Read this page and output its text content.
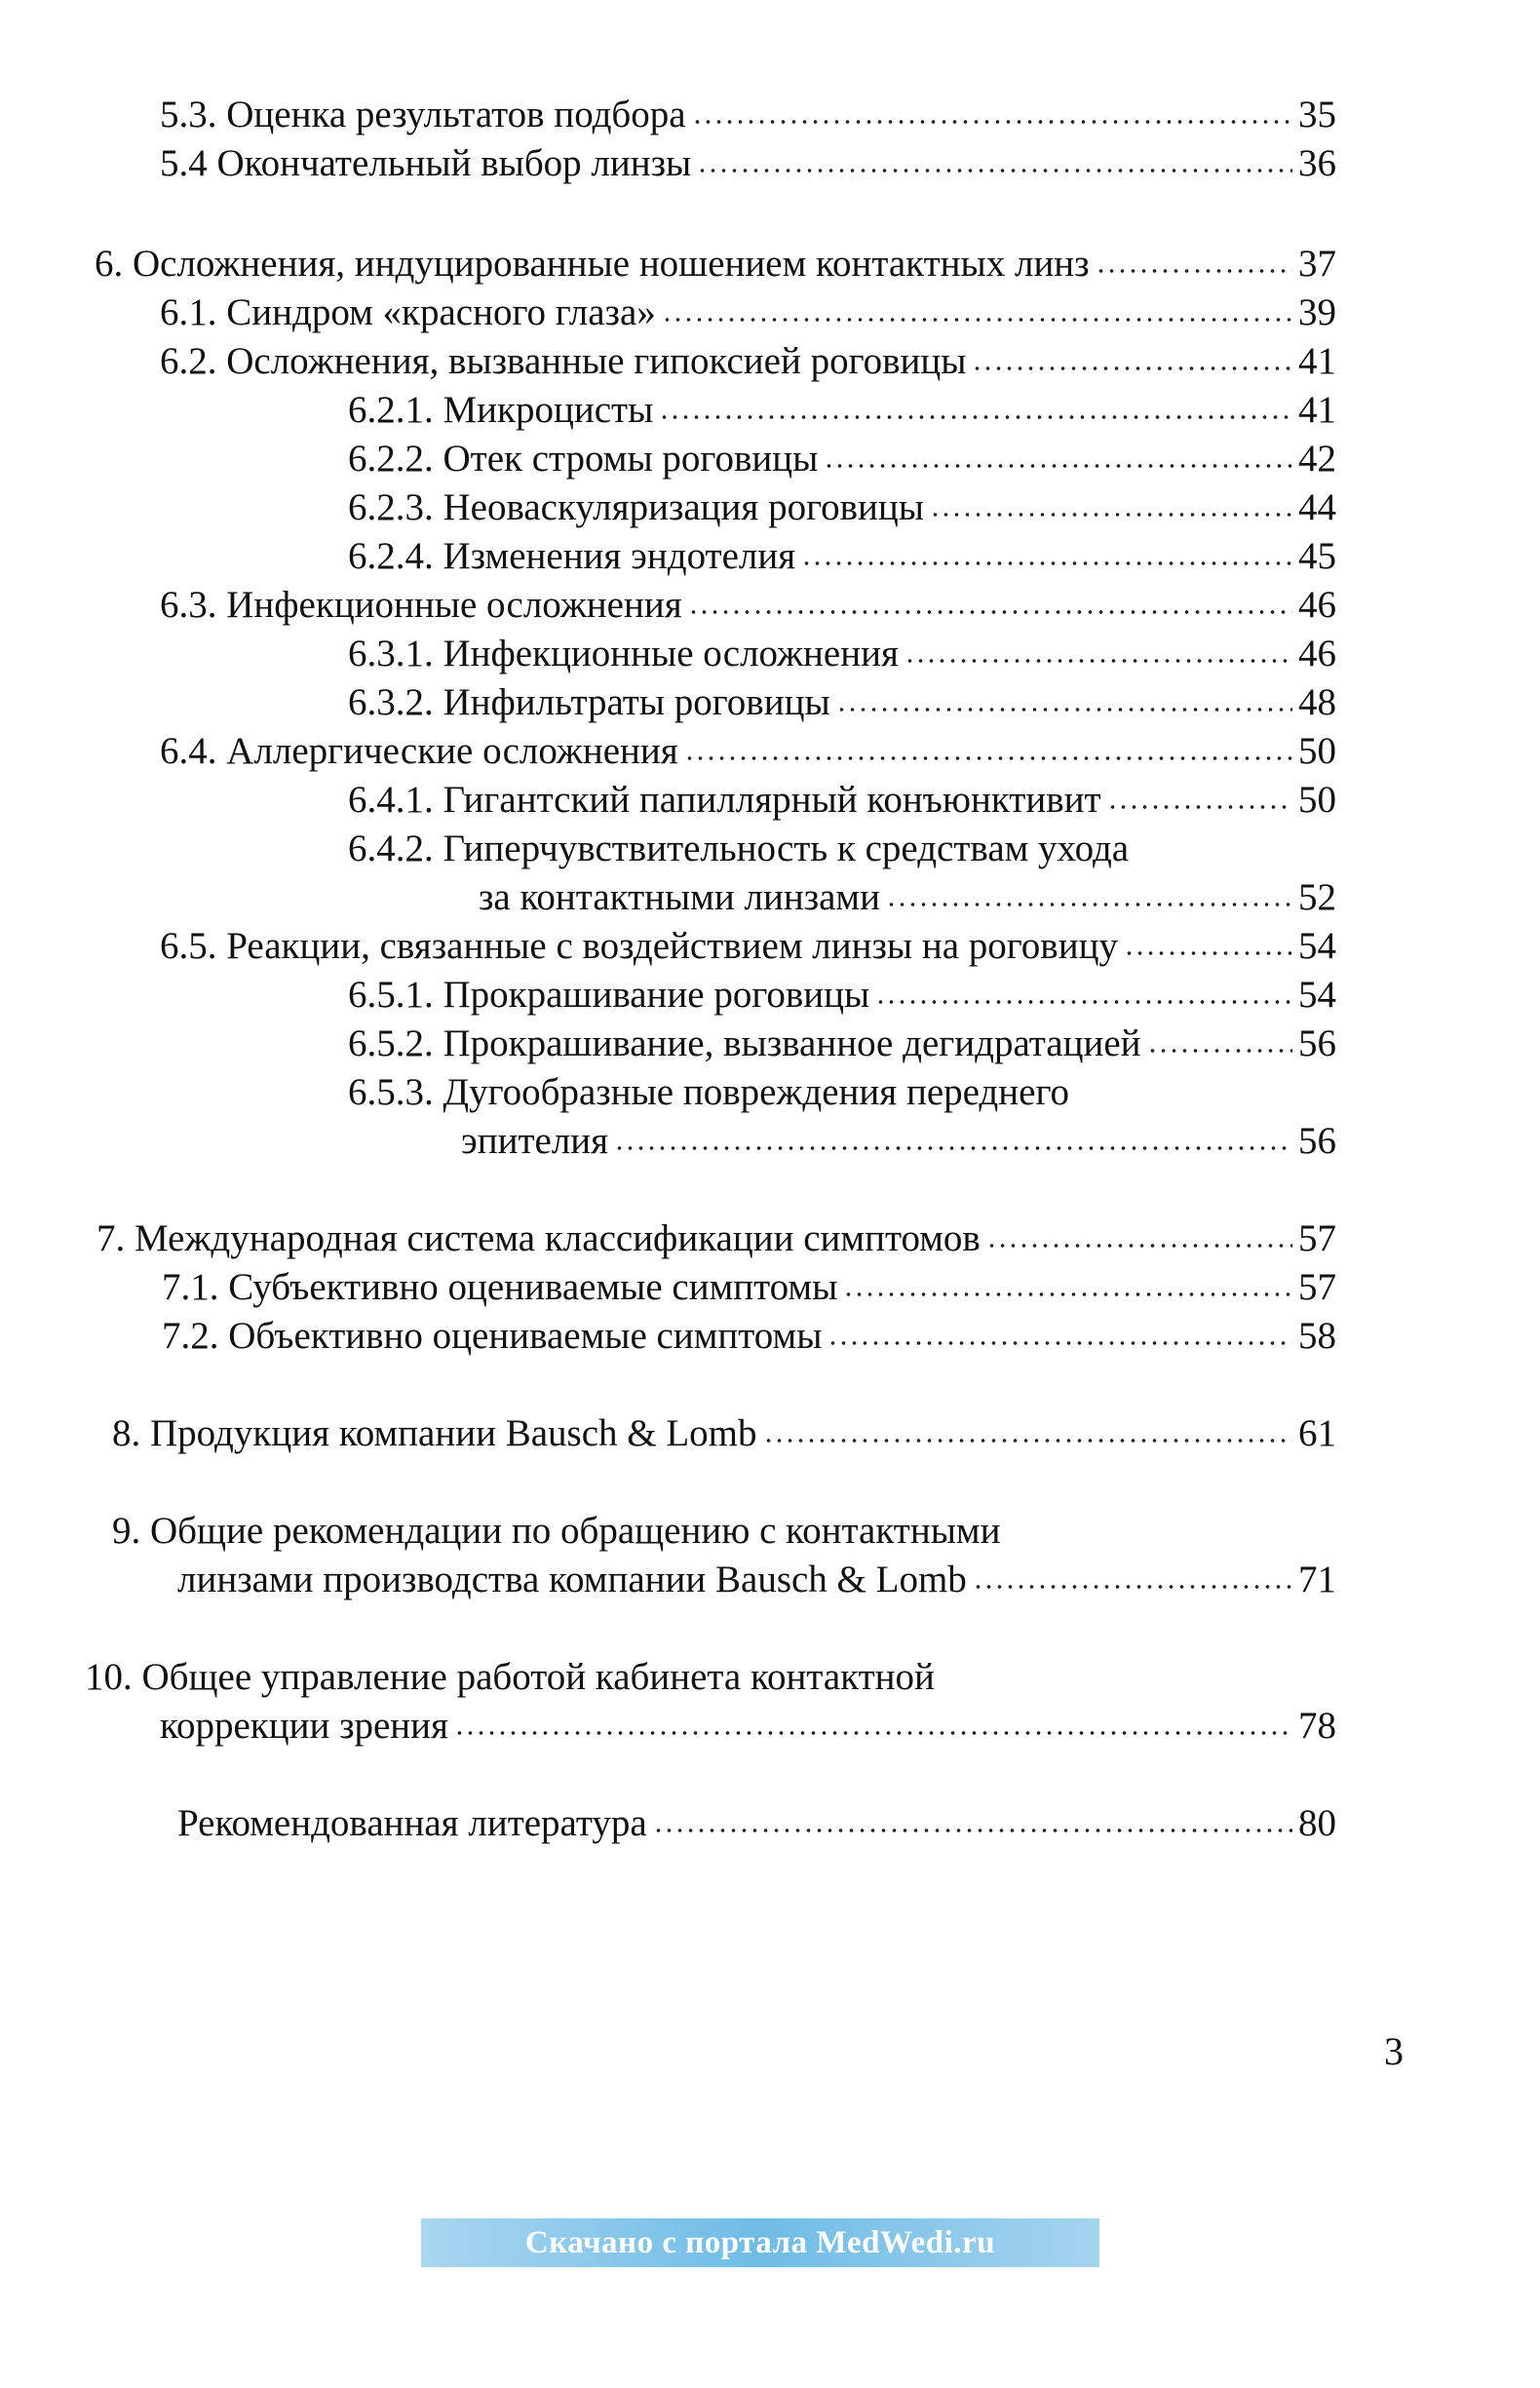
5.3. Оценка результатов подбора	35
5.4 Окончательный выбор линзы	36
6. Осложнения, индуцированные ношением контактных линз	37
6.1. Синдром «красного глаза»	39
6.2. Осложнения, вызванные гипоксией роговицы	41
6.2.1. Микроцисты	41
6.2.2. Отек стромы роговицы	42
6.2.3. Неоваскуляризация роговицы	44
6.2.4. Изменения эндотелия	45
6.3. Инфекционные осложнения	46
6.3.1. Инфекционные осложнения	46
6.3.2. Инфильтраты роговицы	48
6.4. Аллергические осложнения	50
6.4.1. Гигантский папиллярный конъюнктивит	50
6.4.2. Гиперчувствительность к средствам ухода
за контактными линзами	52
6.5. Реакции, связанные с воздействием линзы на роговицу	54
6.5.1. Прокрашивание роговицы	54
6.5.2. Прокрашивание, вызванное дегидратацией	56
6.5.3. Дугообразные повреждения переднего
эпителия	56
7. Международная система классификации симптомов	57
7.1. Субъективно оцениваемые симптомы	57
7.2. Объективно оцениваемые симптомы	58
8. Продукция компании Bausch & Lomb	61
9. Общие рекомендации по обращению с контактными
линзами производства компании Bausch & Lomb	71
10. Общее управление работой кабинета контактной
коррекции зрения	78
Рекомендованная литература	80
3
Скачано с портала MedWedi.ru
